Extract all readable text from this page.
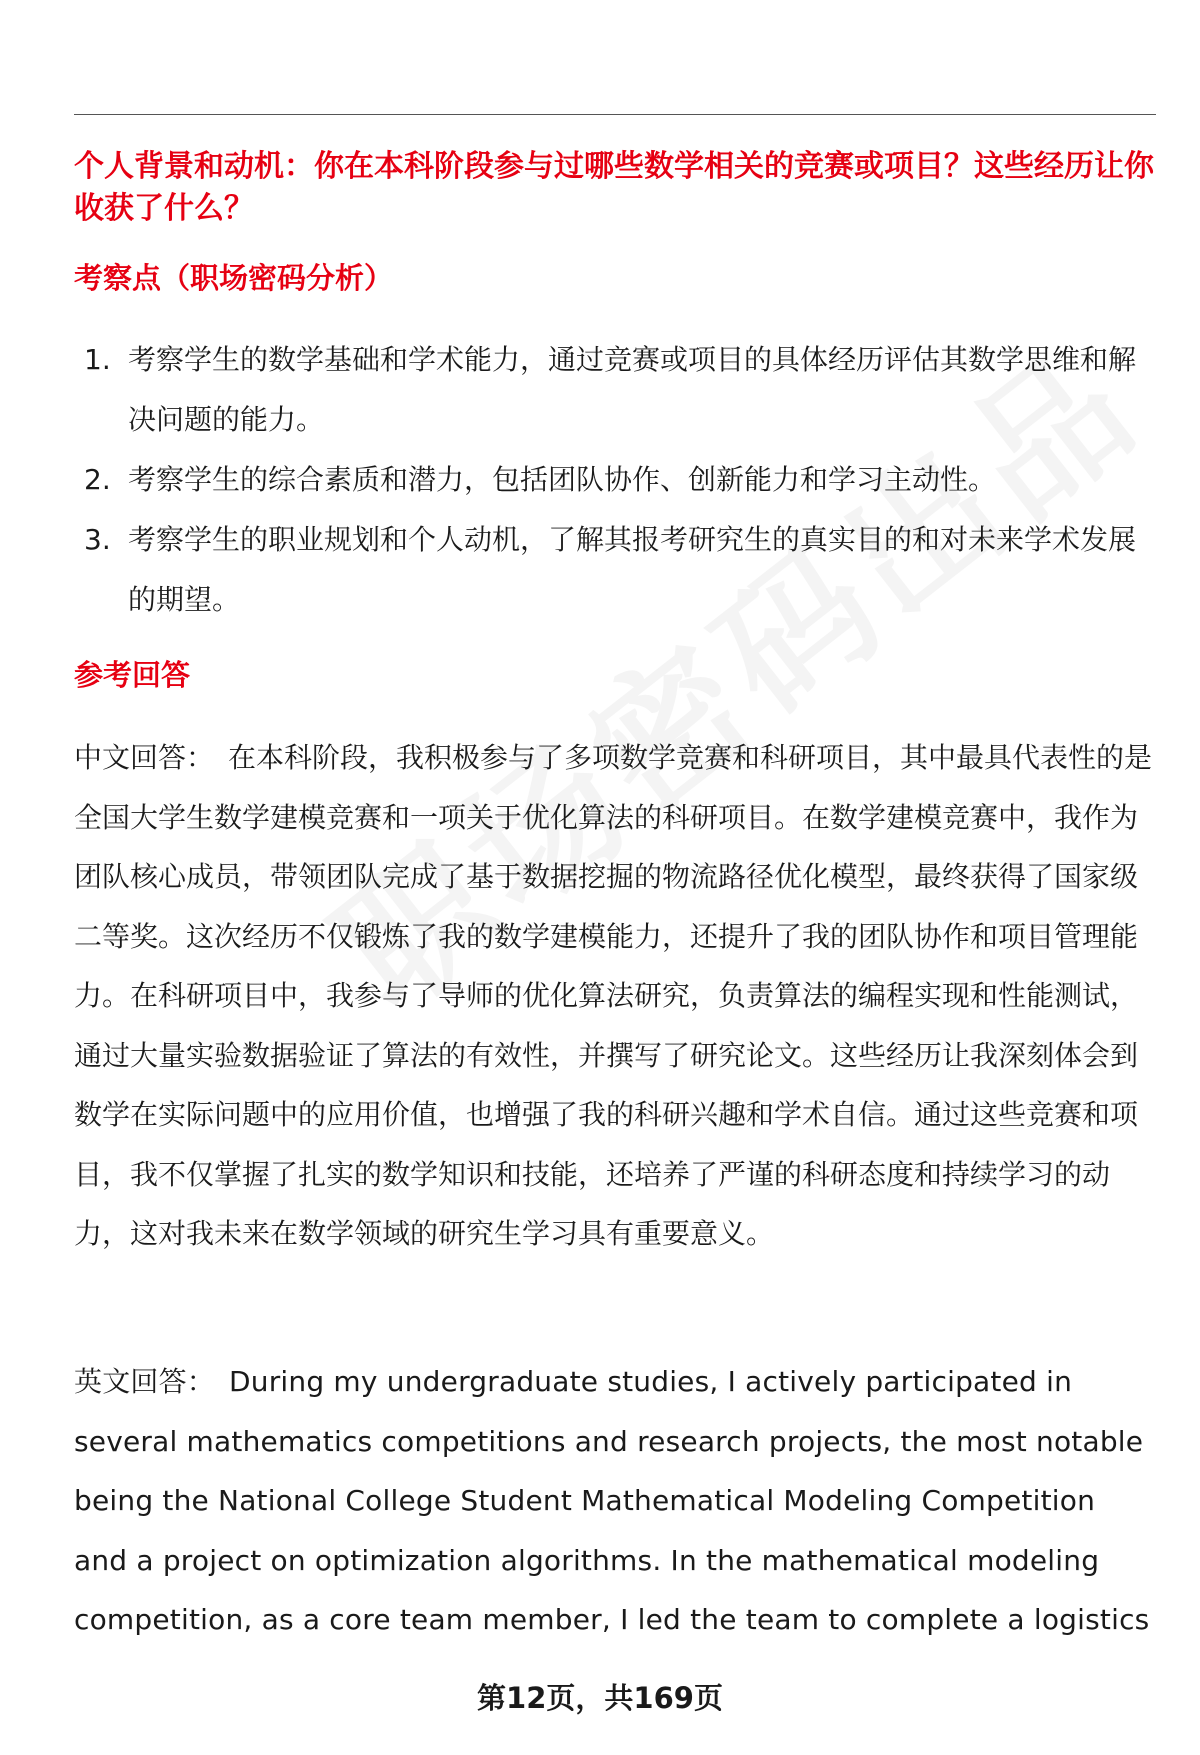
个人背景和动机：你在本科阶段参与过哪些数学相关的竞赛或项目？这些经历让你收获了什么？
考察点（职场密码分析）
1. 考察学生的数学基础和学术能力，通过竞赛或项目的具体经历评估其数学思维和解决问题的能力。
2. 考察学生的综合素质和潜力，包括团队协作、创新能力和学习主动性。
3. 考察学生的职业规划和个人动机，了解其报考研究生的真实目的和对未来学术发展的期望。
参考回答

中文回答： 在本科阶段，我积极参与了多项数学竞赛和科研项目，其中最具代表性的是全国大学生数学建模竞赛和一项关于优化算法的科研项目。在数学建模竞赛中，我作为团队核心成员，带领团队完成了基于数据挖掘的物流路径优化模型，最终获得了国家级二等奖。这次经历不仅锻炼了我的数学建模能力，还提升了我的团队协作和项目管理能力。在科研项目中，我参与了导师的优化算法研究，负责算法的编程实现和性能测试，通过大量实验数据验证了算法的有效性，并撰写了研究论文。这些经历让我深刻体会到数学在实际问题中的应用价值，也增强了我的科研兴趣和学术自信。通过这些竞赛和项目，我不仅掌握了扎实的数学知识和技能，还培养了严谨的科研态度和持续学习的动力，这对我未来在数学领域的研究生学习具有重要意义。

英文回答： During my undergraduate studies, I actively participated in several mathematics competitions and research projects, the most notable being the National College Student Mathematical Modeling Competition and a project on optimization algorithms. In the mathematical modeling competition, as a core team member, I led the team to complete a logistics

第12页，共169页
